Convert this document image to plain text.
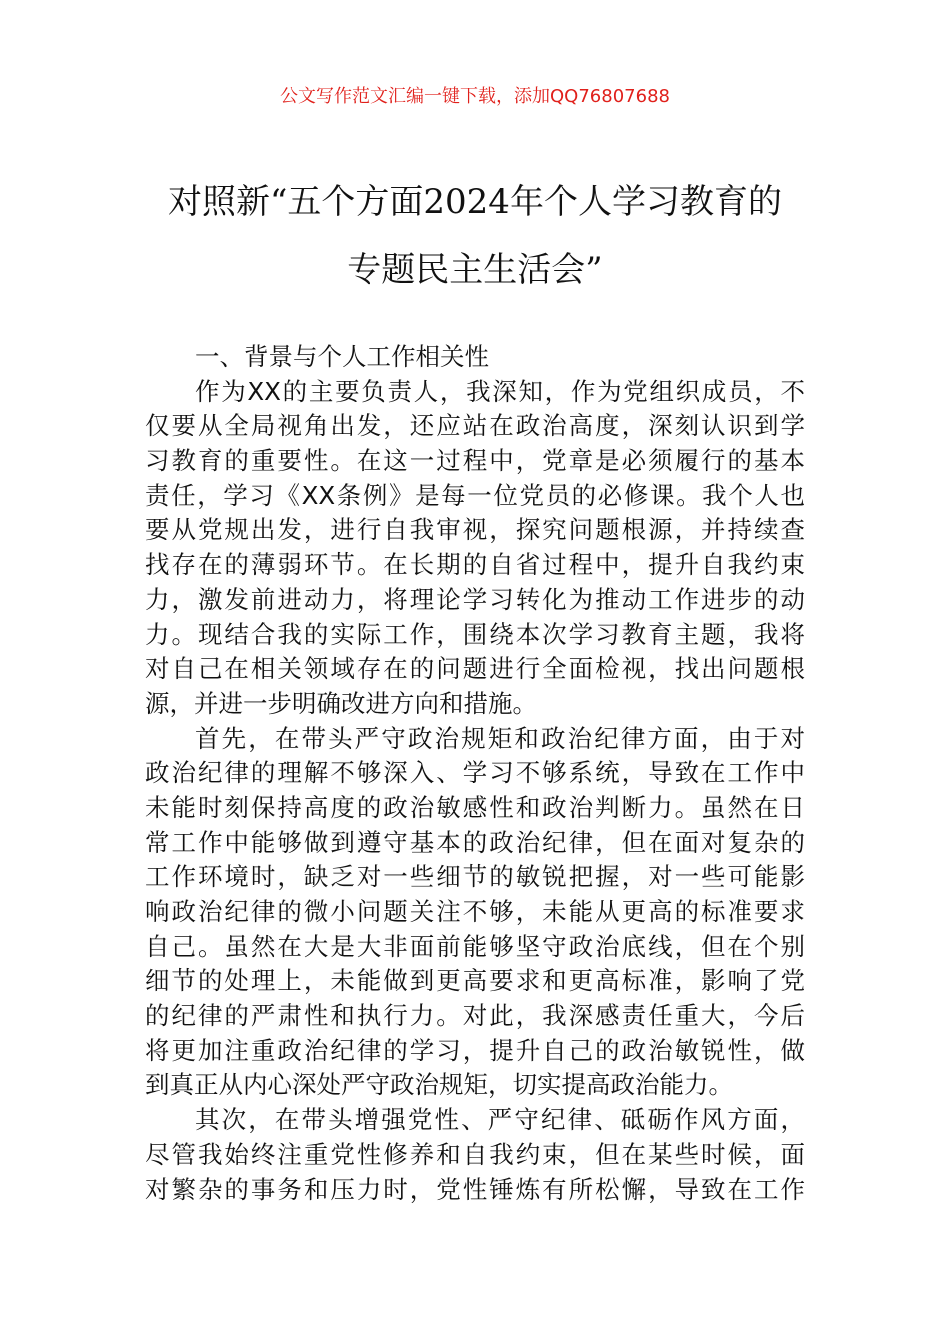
公文写作范文汇编一键下载，添加QQ76807688
对照新“五个方面2024年个人学习教育的
专题民主生活会”
一、背景与个人工作相关性
作为XX的主要负责人，我深知，作为党组织成员，不
仅要从全局视角出发，还应站在政治高度，深刻认识到学
习教育的重要性。在这一过程中，党章是必须履行的基本
责任，学习《XX条例》是每一位党员的必修课。我个人也
要从党规出发，进行自我审视，探究问题根源，并持续查
找存在的薄弱环节。在长期的自省过程中，提升自我约束
力，激发前进动力，将理论学习转化为推动工作进步的动
力。现结合我的实际工作，围绕本次学习教育主题，我将
对自己在相关领域存在的问题进行全面检视，找出问题根
源，并进一步明确改进方向和措施。
首先，在带头严守政治规矩和政治纪律方面，由于对
政治纪律的理解不够深入、学习不够系统，导致在工作中
未能时刻保持高度的政治敏感性和政治判断力。虽然在日
常工作中能够做到遵守基本的政治纪律，但在面对复杂的
工作环境时，缺乏对一些细节的敏锐把握，对一些可能影
响政治纪律的微小问题关注不够，未能从更高的标准要求
自己。虽然在大是大非面前能够坚守政治底线，但在个别
细节的处理上，未能做到更高要求和更高标准，影响了党
的纪律的严肃性和执行力。对此，我深感责任重大，今后
将更加注重政治纪律的学习，提升自己的政治敏锐性，做
到真正从内心深处严守政治规矩，切实提高政治能力。
其次，在带头增强党性、严守纪律、砥砺作风方面，
尽管我始终注重党性修养和自我约束，但在某些时候，面
对繁杂的事务和压力时，党性锤炼有所松懈，导致在工作
